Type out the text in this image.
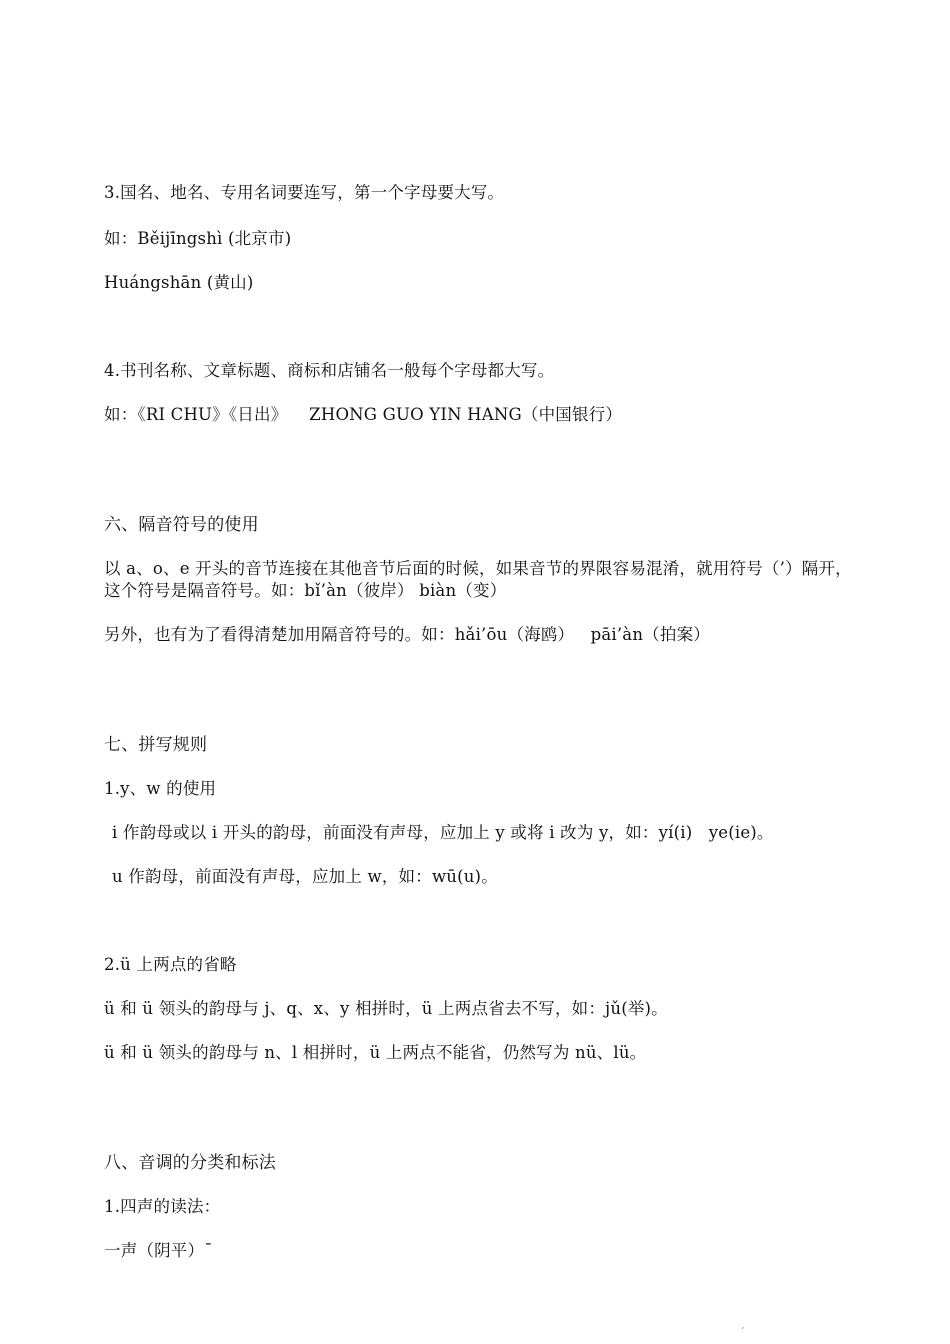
3.国名、地名、专用名词要连写，第一个字母要大写。
如：Běijīngshì (北京市)
Huángshān (黄山)
4.书刊名称、文章标题、商标和店铺名一般每个字母都大写。
如：《RI CHU》《日出》    ZHONG GUO YIN HANG（中国银行）
六、隔音符号的使用
以 a、o、e 开头的音节连接在其他音节后面的时候，如果音节的界限容易混淆，就用符号（’）隔开，这个符号是隔音符号。如：bǐ’àn（彼岸） biàn（变）
另外，也有为了看得清楚加用隔音符号的。如：hǎi’ōu（海鸥）   pāi’àn（拍案）
七、拼写规则
1.y、w 的使用
i 作韵母或以 i 开头的韵母，前面没有声母，应加上 y 或将 i 改为 y，如：yí(i)   ye(ie)。
u 作韵母，前面没有声母，应加上 w，如：wū(u)。
2.ü 上两点的省略
ü 和 ü 领头的韵母与 j、q、x、y 相拼时，ü 上两点省去不写，如：jǔ(举)。
ü 和 ü 领头的韵母与 n、l 相拼时，ü 上两点不能省，仍然写为 nü、lü。
八、音调的分类和标法
1.四声的读法：
一声（阴平）¯
ˊ
